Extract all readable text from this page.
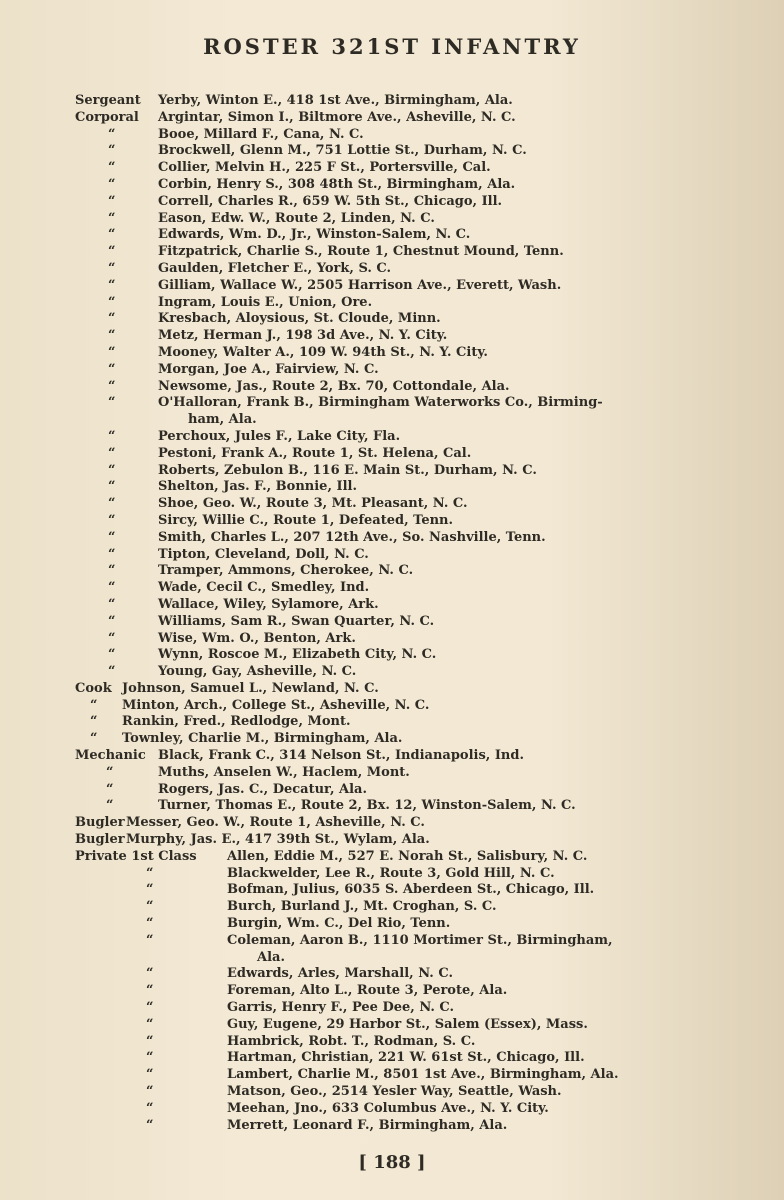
ROSTER 321ST INFANTRY
Sergeant Yerby, Winton E., 418 1st Ave., Birmingham, Ala.
Corporal Argintar, Simon I., Biltmore Ave., Asheville, N. C.
“	Booe, Millard F., Cana, N. C.
“	Brockwell, Glenn M., 751 Lottie St., Durham, N. C.
“	Collier, Melvin H., 225 F St., Portersville, Cal.
“	Corbin, Henry S., 308 48th St., Birmingham, Ala.
“	Correll, Charles R., 659 W. 5th St., Chicago, Ill.
“	Eason, Edw. W., Route 2, Linden, N. C.
“	Edwards, Wm. D., Jr., Winston-Salem, N. C.
“	Fitzpatrick, Charlie S., Route 1, Chestnut Mound, Tenn.
“	Gaulden, Fletcher E., York, S. C.
“	Gilliam, Wallace W., 2505 Harrison Ave., Everett, Wash.
“	Ingram, Louis E., Union, Ore.
“	Kresbach, Aloysious, St. Cloude, Minn.
“	Metz, Herman J., 198 3d Ave., N. Y. City.
“	Mooney, Walter A., 109 W. 94th St., N. Y. City.
“	Morgan, Joe A., Fairview, N. C.
“	Newsome, Jas., Route 2, Bx. 70, Cottondale, Ala.
“	O'Halloran, Frank B., Birmingham Waterworks Co., Birming-
ham, Ala.
“	Perchoux, Jules F., Lake City, Fla.
“	Pestoni, Frank A., Route 1, St. Helena, Cal.
“	Roberts, Zebulon B., 116 E. Main St., Durham, N. C.
“	Shelton, Jas. F., Bonnie, Ill.
“	Shoe, Geo. W., Route 3, Mt. Pleasant, N. C.
“	Sircy, Willie C., Route 1, Defeated, Tenn.
“	Smith, Charles L., 207 12th Ave., So. Nashville, Tenn.
“	Tipton, Cleveland, Doll, N. C.
“	Tramper, Ammons, Cherokee, N. C.
“	Wade, Cecil C., Smedley, Ind.
“	Wallace, Wiley, Sylamore, Ark.
“	Williams, Sam R., Swan Quarter, N. C.
“	Wise, Wm. O., Benton, Ark.
“	Wynn, Roscoe M., Elizabeth City, N. C.
“	Young, Gay, Asheville, N. C.
Cook Johnson, Samuel L., Newland, N. C.
“ Minton, Arch., College St., Asheville, N. C.
“ Rankin, Fred., Redlodge, Mont.
“ Townley, Charlie M., Birmingham, Ala.
Mechanic Black, Frank C., 314 Nelson St., Indianapolis, Ind.
“	Muths, Anselen W., Haclem, Mont.
“	Rogers, Jas. C., Decatur, Ala.
“	Turner, Thomas E., Route 2, Bx. 12, Winston-Salem, N. C.
Bugler Messer, Geo. W., Route 1, Asheville, N. C.
Bugler Murphy, Jas. E., 417 39th St., Wylam, Ala.
Private 1st Class Allen, Eddie M., 527 E. Norah St., Salisbury, N. C.
“	Blackwelder, Lee R., Route 3, Gold Hill, N. C.
“	Bofman, Julius, 6035 S. Aberdeen St., Chicago, Ill.
“	Burch, Burland J., Mt. Croghan, S. C.
“	Burgin, Wm. C., Del Rio, Tenn.
“	Coleman, Aaron B., 1110 Mortimer St., Birmingham,
Ala.
“	Edwards, Arles, Marshall, N. C.
“	Foreman, Alto L., Route 3, Perote, Ala.
“	Garris, Henry F., Pee Dee, N. C.
“	Guy, Eugene, 29 Harbor St., Salem (Essex), Mass.
“	Hambrick, Robt. T., Rodman, S. C.
“	Hartman, Christian, 221 W. 61st St., Chicago, Ill.
“	Lambert, Charlie M., 8501 1st Ave., Birmingham, Ala.
“	Matson, Geo., 2514 Yesler Way, Seattle, Wash.
“	Meehan, Jno., 633 Columbus Ave., N. Y. City.
“	Merrett, Leonard F., Birmingham, Ala.
[ 188 ]
